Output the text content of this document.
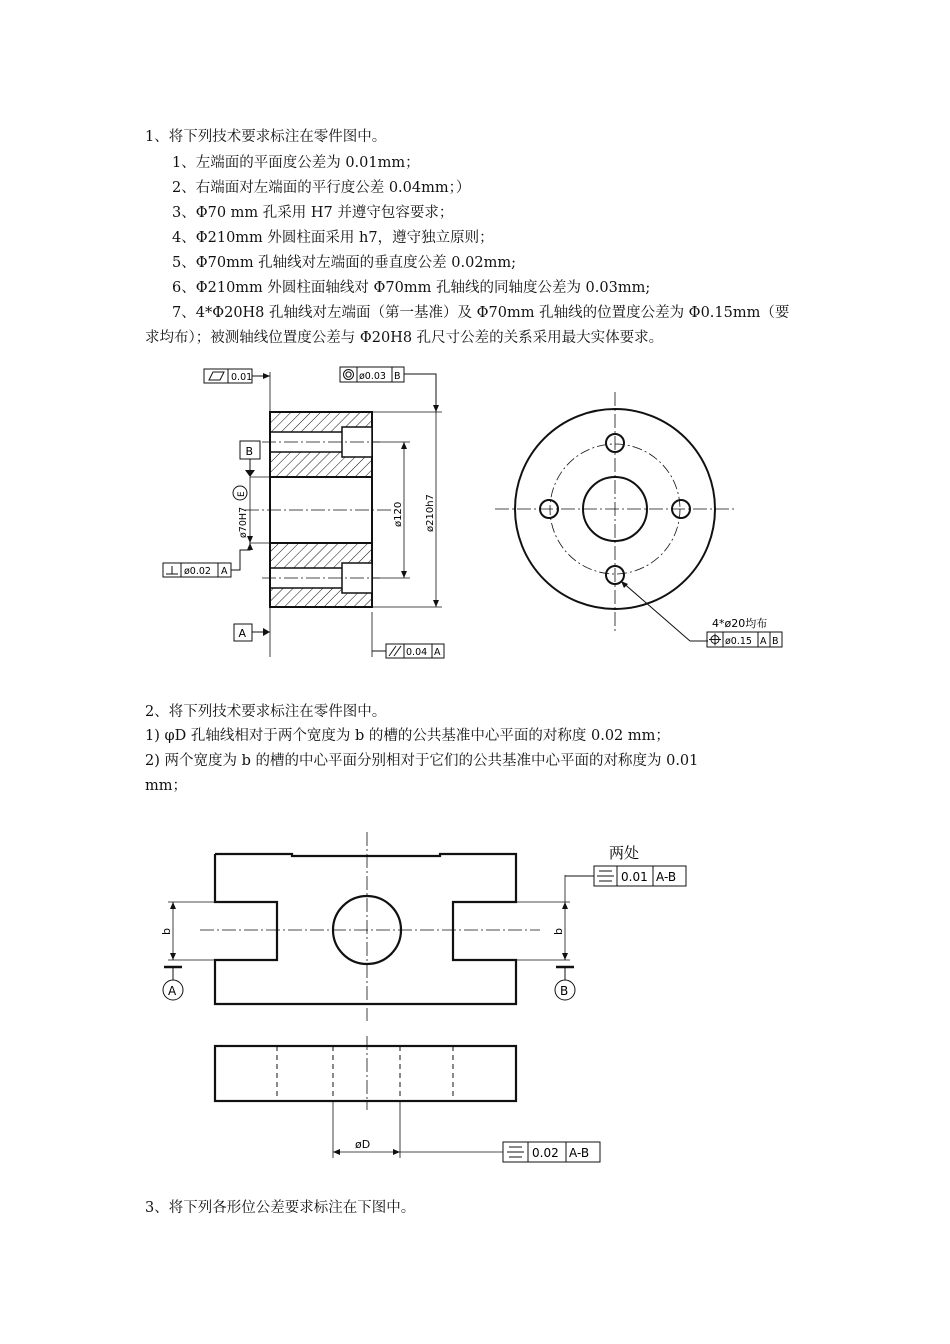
1、将下列技术要求标注在零件图中。
1、左端面的平面度公差为 0.01mm；
2、右端面对左端面的平行度公差 0.04mm；）
3、Φ70 mm 孔采用 H7 并遵守包容要求；
4、Φ210mm 外圆柱面采用 h7，遵守独立原则；
5、Φ70mm 孔轴线对左端面的垂直度公差 0.02mm;
6、Φ210mm 外圆柱面轴线对 Φ70mm 孔轴线的同轴度公差为 0.03mm;
7、4*Φ20H8 孔轴线对左端面（第一基准）及 Φ70mm 孔轴线的位置度公差为 Φ0.15mm（要
求均布）；被测轴线位置度公差与 Φ20H8 孔尺寸公差的关系采用最大实体要求。
0.01	ø0.03 B
ø210h7
ø120
B
ø70H7
E
ø0.02 A
A
0.04 A
4*ø20均布
ø0.15 A B
2、将下列技术要求标注在零件图中。
1) φD 孔轴线相对于两个宽度为 b 的槽的公共基准中心平面的对称度 0.02 mm；
2) 两个宽度为 b 的槽的中心平面分别相对于它们的公共基准中心平面的对称度为 0.01
mm；
b	b
A	B
两处
0.01 A-B
øD
0.02 A-B
3、将下列各形位公差要求标注在下图中。
